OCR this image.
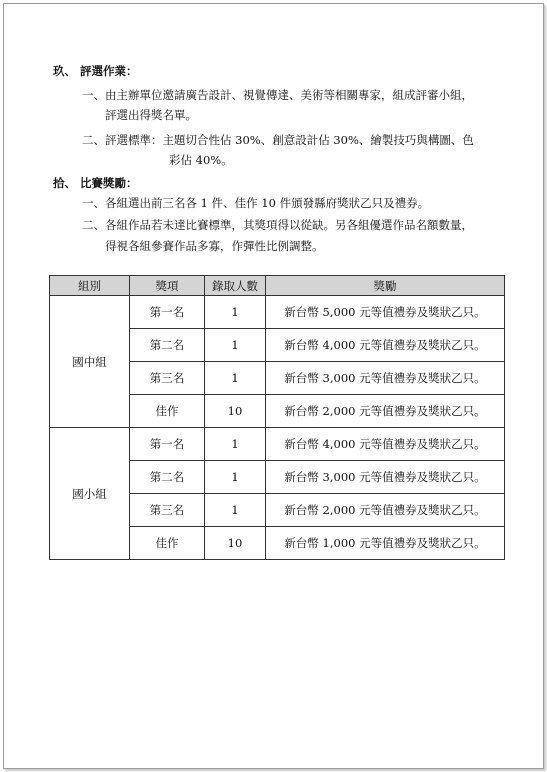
玖、 評選作業：
一、 由主辦單位邀請廣告設計、視覺傳達、美術等相關專家，組成評審小組，
評選出得獎名單。
二、 評選標準：主題切合性佔 30%、創意設計佔 30%、繪製技巧與構圖、色
彩佔 40%。
拾、 比賽獎勵：
一、 各組選出前三名各 1 件、佳作 10 件頒發縣府獎狀乙只及禮券。
二、 各組作品若未達比賽標準，其獎項得以從缺。另各組優選作品名額數量，
得視各組參賽作品多寡，作彈性比例調整。
組別	獎項	錄取人數	獎勵
國中組	第一名	1	新台幣 5,000 元等值禮券及獎狀乙只。
	第二名	1	新台幣 4,000 元等值禮券及獎狀乙只。
	第三名	1	新台幣 3,000 元等值禮券及獎狀乙只。
	佳作	10	新台幣 2,000 元等值禮券及獎狀乙只。
國小組	第一名	1	新台幣 4,000 元等值禮券及獎狀乙只。
	第二名	1	新台幣 3,000 元等值禮券及獎狀乙只。
	第三名	1	新台幣 2,000 元等值禮券及獎狀乙只。
	佳作	10	新台幣 1,000 元等值禮券及獎狀乙只。
